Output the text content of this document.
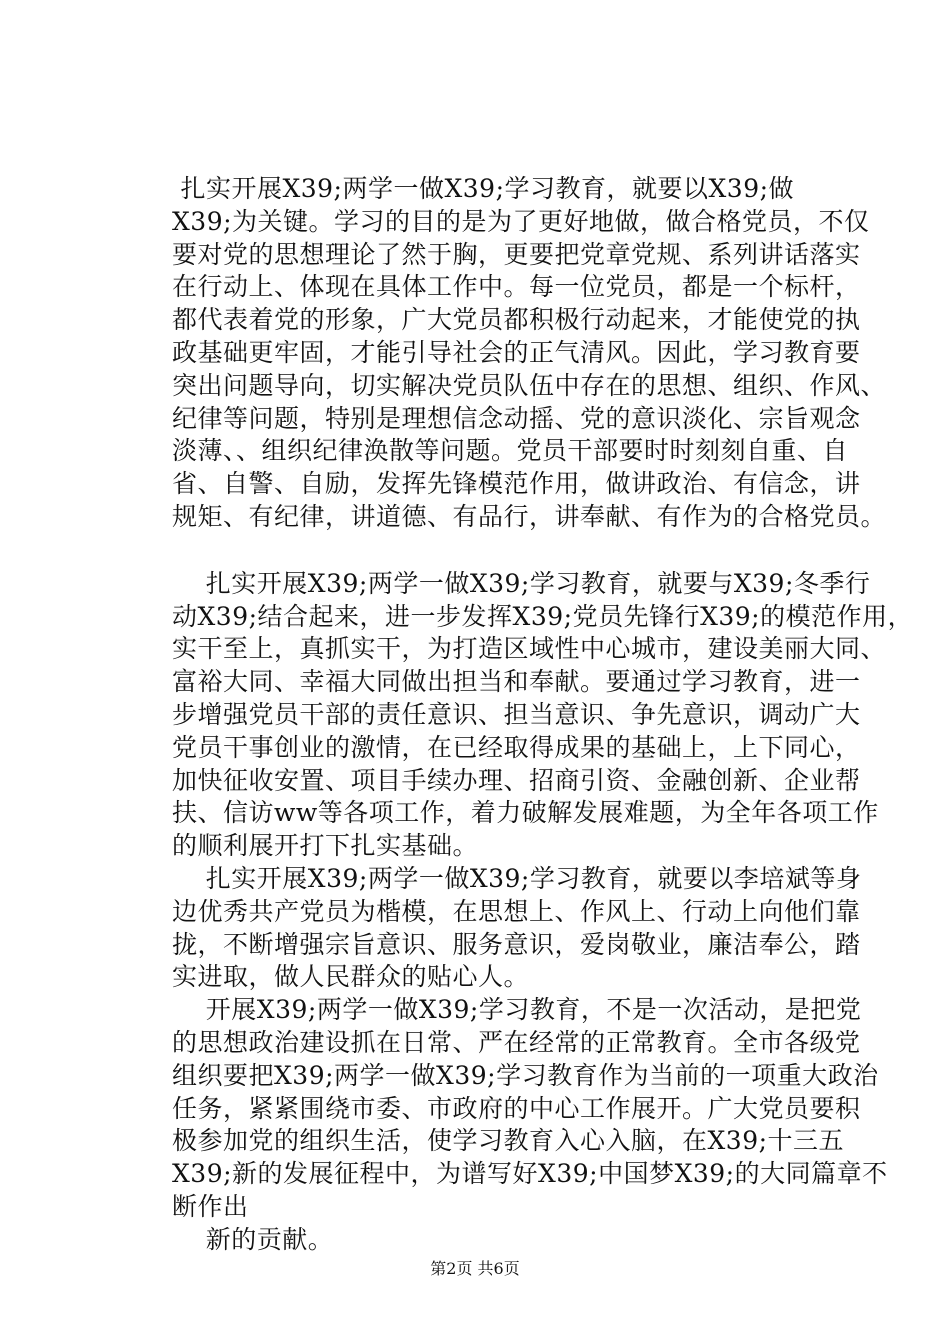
扎实开展X39;两学一做X39;学习教育，就要以X39;做
X39;为关键。学习的目的是为了更好地做，做合格党员，不仅
要对党的思想理论了然于胸，更要把党章党规、系列讲话落实
在行动上、体现在具体工作中。每一位党员，都是一个标杆，
都代表着党的形象，广大党员都积极行动起来，才能使党的执
政基础更牢固，才能引导社会的正气清风。因此，学习教育要
突出问题导向，切实解决党员队伍中存在的思想、组织、作风、
纪律等问题，特别是理想信念动摇、党的意识淡化、宗旨观念
淡薄、、组织纪律涣散等问题。党员干部要时时刻刻自重、自
省、自警、自励，发挥先锋模范作用，做讲政治、有信念，讲
规矩、有纪律，讲道德、有品行，讲奉献、有作为的合格党员。
扎实开展X39;两学一做X39;学习教育，就要与X39;冬季行
动X39;结合起来，进一步发挥X39;党员先锋行X39;的模范作用，
实干至上，真抓实干，为打造区域性中心城市，建设美丽大同、
富裕大同、幸福大同做出担当和奉献。要通过学习教育，进一
步增强党员干部的责任意识、担当意识、争先意识，调动广大
党员干事创业的激情，在已经取得成果的基础上，上下同心，
加快征收安置、项目手续办理、招商引资、金融创新、企业帮
扶、信访ww等各项工作，着力破解发展难题，为全年各项工作
的顺利展开打下扎实基础。
扎实开展X39;两学一做X39;学习教育，就要以李培斌等身
边优秀共产党员为楷模，在思想上、作风上、行动上向他们靠
拢，不断增强宗旨意识、服务意识，爱岗敬业，廉洁奉公，踏
实进取，做人民群众的贴心人。
开展X39;两学一做X39;学习教育，不是一次活动，是把党
的思想政治建设抓在日常、严在经常的正常教育。全市各级党
组织要把X39;两学一做X39;学习教育作为当前的一项重大政治
任务，紧紧围绕市委、市政府的中心工作展开。广大党员要积
极参加党的组织生活，使学习教育入心入脑，在X39;十三五
X39;新的发展征程中，为谱写好X39;中国梦X39;的大同篇章不
断作出
新的贡献。
第2页 共6页
